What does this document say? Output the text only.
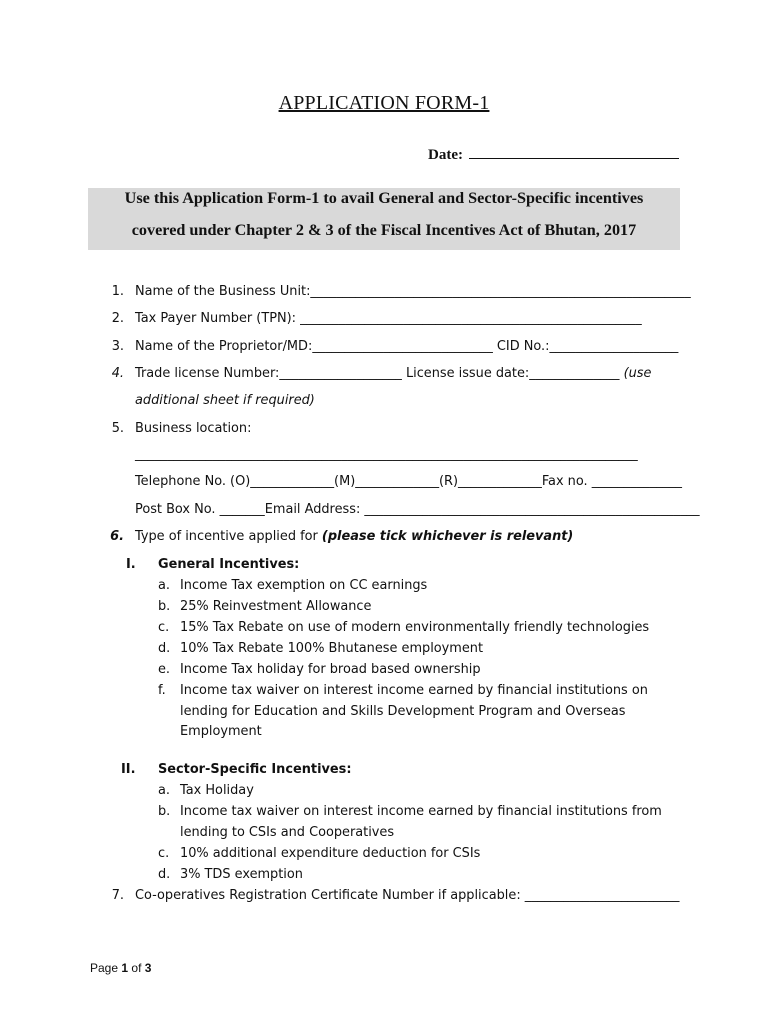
APPLICATION FORM-1
Date:
Use this Application Form-1 to avail General and Sector-Specific incentives
covered under Chapter 2 & 3 of the Fiscal Incentives Act of Bhutan, 2017
1. Name of the Business Unit:___________________________________________________________
2. Tax Payer Number (TPN): _____________________________________________________
3. Name of the Proprietor/MD:____________________________ CID No.:____________________
4. Trade license Number:___________________ License issue date:______________ (use
additional sheet if required)
5. Business location:
______________________________________________________________________________
Telephone No. (O)_____________(M)_____________(R)_____________Fax no. ______________
Post Box No. _______Email Address: ____________________________________________________
6. Type of incentive applied for (please tick whichever is relevant)
I. General Incentives:
a. Income Tax exemption on CC earnings
b. 25% Reinvestment Allowance
c. 15% Tax Rebate on use of modern environmentally friendly technologies
d. 10% Tax Rebate 100% Bhutanese employment
e. Income Tax holiday for broad based ownership
f. Income tax waiver on interest income earned by financial institutions on
lending for Education and Skills Development Program and Overseas
Employment
II. Sector-Specific Incentives:
a. Tax Holiday
b. Income tax waiver on interest income earned by financial institutions from
lending to CSIs and Cooperatives
c. 10% additional expenditure deduction for CSIs
d. 3% TDS exemption
7. Co-operatives Registration Certificate Number if applicable: ________________________
Page 1 of 3
